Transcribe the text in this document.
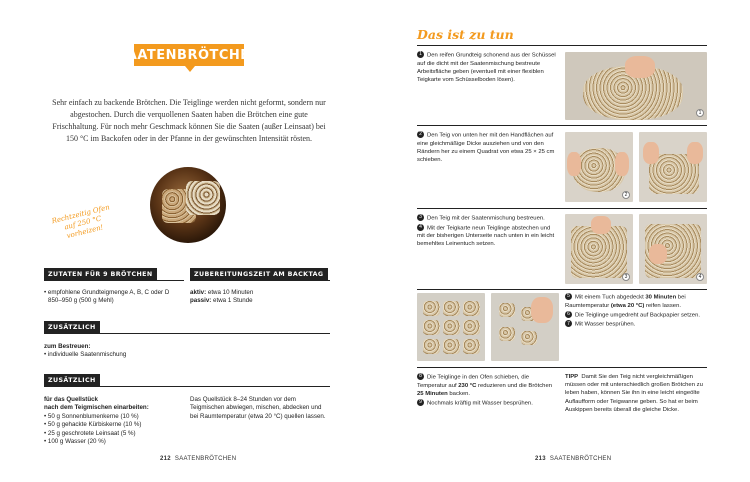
SAATENBRÖTCHEN

Sehr einfach zu backende Brötchen. Die Teiglinge werden nicht geformt, sondern nur abgestochen. Durch die verquollenen Saaten haben die Brötchen eine gute Frischhaltung. Für noch mehr Geschmack können Sie die Saaten (außer Leinsaat) bei 150 °C im Backofen oder in der Pfanne in der gewünschten Intensität rösten.

Rechtzeitig Ofen auf 250 °C vorheizen!
ZUTATEN FÜR 9 BRÖTCHEN
• empfohlene Grundteigmenge A, B, C oder D
850–950 g (500 g Mehl)
ZUBEREITUNGSZEIT AM BACKTAG
aktiv: etwa 10 Minuten
passiv: etwa 1 Stunde
ZUSÄTZLICH
zum Bestreuen:
• individuelle Saatenmischung
ZUSÄTZLICH
für das Quellstück
nach dem Teigmischen einarbeiten:
• 50 g Sonnenblumenkerne (10 %)
• 50 g gehackte Kürbiskerne (10 %)
• 25 g geschrotete Leinsaat (5 %)
• 100 g Wasser (20 %)
Das Quellstück 8–24 Stunden vor dem Teigmischen abwiegen, mischen, abdecken und bei Raumtemperatur (etwa 20 °C) quellen lassen.
212 SAATENBRÖTCHEN
Das ist zu tun

1 Den reifen Grundteig schonend aus der Schüssel auf die dicht mit der Saatenmischung bestreute Arbeitsfläche geben (eventuell mit einer flexiblen Teigkarte vom Schüsselboden lösen).

1

2 Den Teig von unten her mit den Handflächen auf eine gleichmäßige Dicke ausziehen und von den Rändern her zu einem Quadrat von etwa 25 × 25 cm schieben.

2

3 Den Teig mit der Saatenmischung bestreuen.

4 Mit der Teigkarte neun Teiglinge abstechen und mit der bisherigen Unterseite nach unten in ein leicht bemehltes Leinentuch setzen.

3	4

5 Mit einem Tuch abgedeckt 30 Minuten bei Raumtemperatur (etwa 20 °C) reifen lassen.

6 Die Teiglinge umgedreht auf Backpapier setzen.

7 Mit Wasser besprühen.

8 Die Teiglinge in den Ofen schieben, die Temperatur auf 230 °C reduzieren und die Brötchen 25 Minuten backen.

9 Nochmals kräftig mit Wasser besprühen.

TIPP Damit Sie den Teig nicht vergleichmäßigen müssen oder mit unterschiedlich großen Brötchen zu leben haben, können Sie ihn in eine leicht eingeölte Auflaufform oder Teigwanne geben. So hat er beim Auskippen bereits überall die gleiche Dicke.
213 SAATENBRÖTCHEN
